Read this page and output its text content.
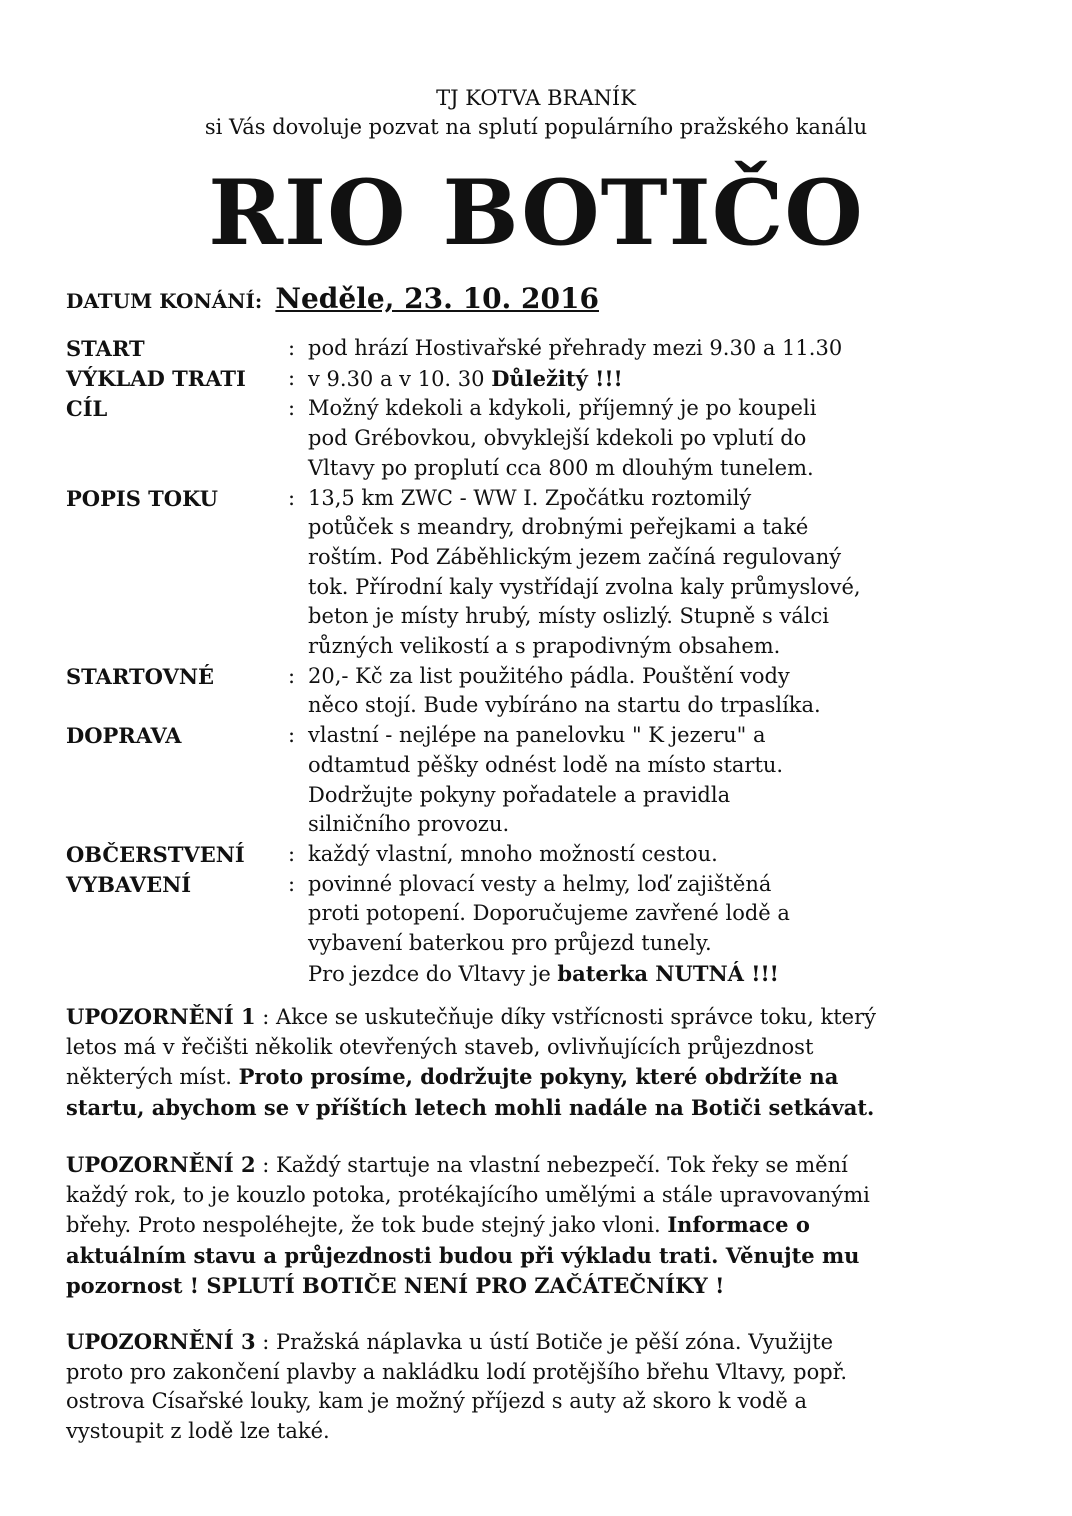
TJ KOTVA BRANÍK
si Vás dovoluje pozvat na splutí populárního pražského kanálu
RIO BOTIČO
DATUM KONÁNÍ: Neděle, 23. 10. 2016
START	: pod hrází Hostivařské přehrady mezi 9.30 a 11.30
VÝKLAD TRATI	: v 9.30 a v 10. 30 Důležitý !!!
CÍL	: Možný kdekoli a kdykoli, příjemný je po koupeli
pod Grébovkou, obvyklejší kdekoli po vplutí do
Vltavy po proplutí cca 800 m dlouhým tunelem.
POPIS TOKU	: 13,5 km ZWC - WW I. Zpočátku roztomilý
potůček s meandry, drobnými peřejkami a také
roštím. Pod Záběhlickým jezem začíná regulovaný
tok. Přírodní kaly vystřídají zvolna kaly průmyslové,
beton je místy hrubý, místy oslizlý. Stupně s válci
různých velikostí a s prapodivným obsahem.
STARTOVNÉ	: 20,- Kč za list použitého pádla. Pouštění vody
něco stojí. Bude vybíráno na startu do trpaslíka.
DOPRAVA	: vlastní - nejlépe na panelovku " K jezeru" a
odtamtud pěšky odnést lodě na místo startu.
Dodržujte pokyny pořadatele a pravidla
silničního provozu.
OBČERSTVENÍ	: každý vlastní, mnoho možností cestou.
VYBAVENÍ	: povinné plovací vesty a helmy, loď zajištěná
proti potopení. Doporučujeme zavřené lodě a
vybavení baterkou pro průjezd tunely.
Pro jezdce do Vltavy je baterka NUTNÁ !!!
UPOZORNĚNÍ 1 : Akce se uskutečňuje díky vstřícnosti správce toku, který
letos má v řečišti několik otevřených staveb, ovlivňujících průjezdnost
některých míst. Proto prosíme, dodržujte pokyny, které obdržíte na
startu, abychom se v příštích letech mohli nadále na Botiči setkávat.
UPOZORNĚNÍ 2 : Každý startuje na vlastní nebezpečí. Tok řeky se mění
každý rok, to je kouzlo potoka, protékajícího umělými a stále upravovanými
břehy. Proto nespoléhejte, že tok bude stejný jako vloni. Informace o
aktuálním stavu a průjezdnosti budou při výkladu trati. Věnujte mu
pozornost ! SPLUTÍ BOTIČE NENÍ PRO ZAČÁTEČNÍKY !
UPOZORNĚNÍ 3 : Pražská náplavka u ústí Botiče je pěší zóna. Využijte
proto pro zakončení plavby a nakládku lodí protějšího břehu Vltavy, popř.
ostrova Císařské louky, kam je možný příjezd s auty až skoro k vodě a
vystoupit z lodě lze také.
